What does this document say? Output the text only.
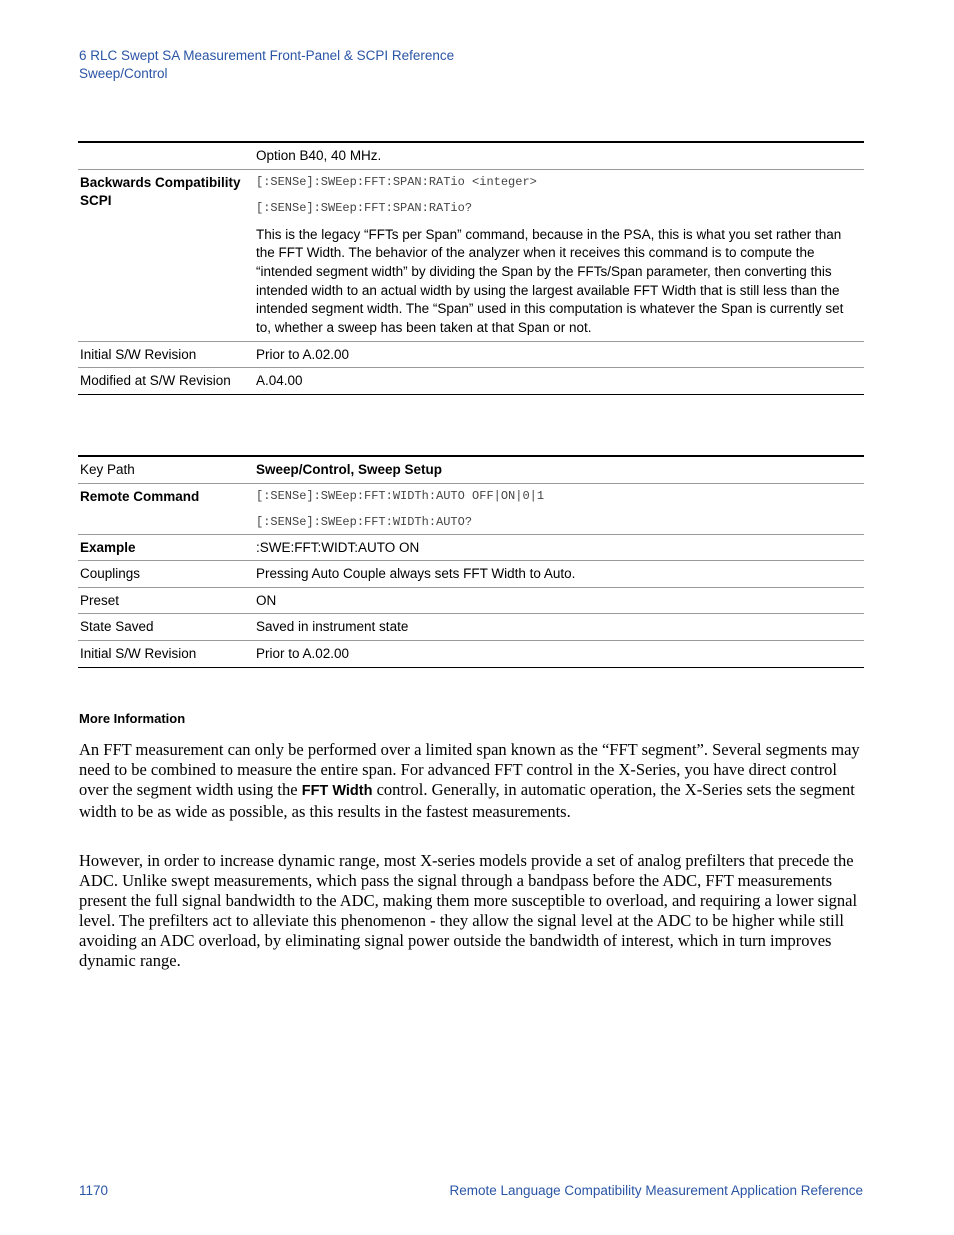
6 RLC Swept SA Measurement Front-Panel & SCPI Reference
Sweep/Control
	Option B40, 40 MHz.
Backwards Compatibility SCPI	[:SENSe]:SWEep:FFT:SPAN:RATio <integer>
[:SENSe]:SWEep:FFT:SPAN:RATio?
This is the legacy “FFTs per Span” command, because in the PSA, this is what you set rather than the FFT Width. The behavior of the analyzer when it receives this command is to compute the “intended segment width” by dividing the Span by the FFTs/Span parameter, then converting this intended width to an actual width by using the largest available FFT Width that is still less than the intended segment width. The “Span” used in this computation is whatever the Span is currently set to, whether a sweep has been taken at that Span or not.

Initial S/W Revision	Prior to A.02.00
Modified at S/W Revision	A.04.00
Key Path	Sweep/Control, Sweep Setup
Remote Command	[:SENSe]:SWEep:FFT:WIDTh:AUTO OFF|ON|0|1
[:SENSe]:SWEep:FFT:WIDTh:AUTO?

Example	:SWE:FFT:WIDT:AUTO ON
Couplings	Pressing Auto Couple always sets FFT Width to Auto.
Preset	ON
State Saved	Saved in instrument state
Initial S/W Revision	Prior to A.02.00
More Information
An FFT measurement can only be performed over a limited span known as the “FFT segment”. Several segments may need to be combined to measure the entire span. For advanced FFT control in the X-Series, you have direct control over the segment width using the FFT Width control. Generally, in automatic operation, the X-Series sets the segment width to be as wide as possible, as this results in the fastest measurements.
However, in order to increase dynamic range, most X-series models provide a set of analog prefilters that precede the ADC. Unlike swept measurements, which pass the signal through a bandpass before the ADC, FFT measurements present the full signal bandwidth to the ADC, making them more susceptible to overload, and requiring a lower signal level. The prefilters act to alleviate this phenomenon - they allow the signal level at the ADC to be higher while still avoiding an ADC overload, by eliminating signal power outside the bandwidth of interest, which in turn improves dynamic range.
1170	Remote Language Compatibility Measurement Application Reference
